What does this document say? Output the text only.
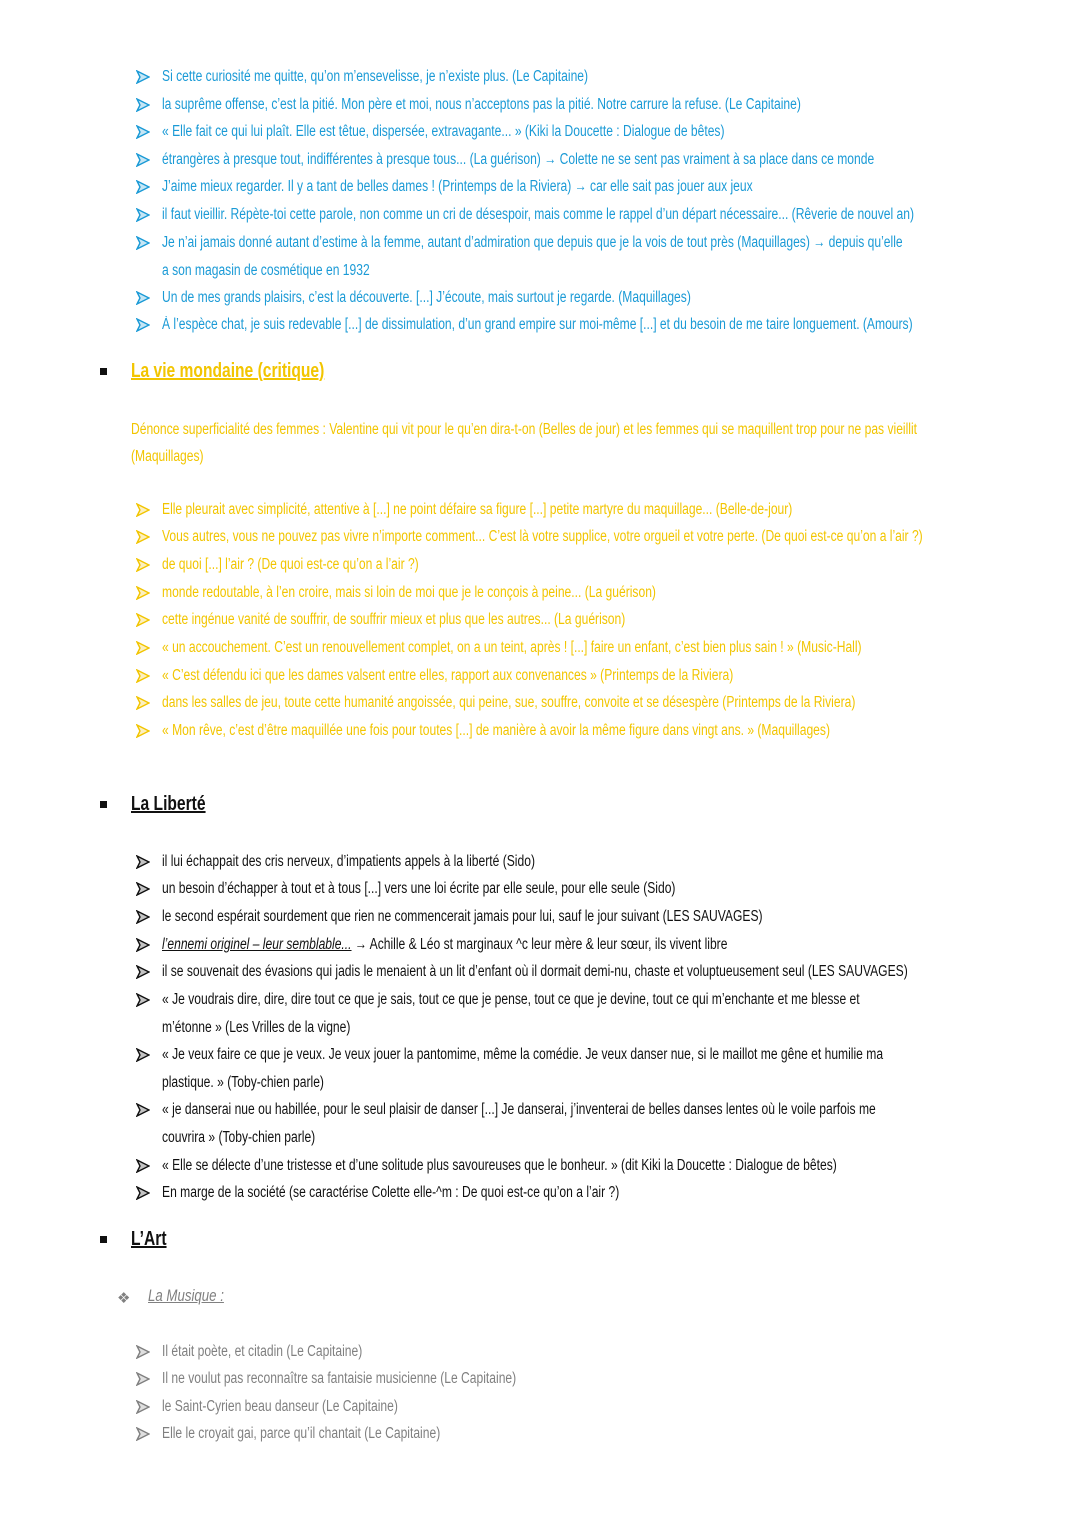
Si cette curiosité me quitte, qu’on m’ensevelisse, je n’existe plus. (Le Capitaine)
la suprême offense, c’est la pitié. Mon père et moi, nous n’acceptons pas la pitié. Notre carrure la refuse. (Le Capitaine)
« Elle fait ce qui lui plaît. Elle est têtue, dispersée, extravagante... » (Kiki la Doucette : Dialogue de bêtes)
étrangères à presque tout, indifférentes à presque tous... (La guérison) → Colette ne se sent pas vraiment à sa place dans ce monde
J’aime mieux regarder. Il y a tant de belles dames ! (Printemps de la Riviera) → car elle sait pas jouer aux jeux
il faut vieillir. Répète-toi cette parole, non comme un cri de désespoir, mais comme le rappel d’un départ nécessaire... (Rêverie de nouvel an)
Je n’ai jamais donné autant d’estime à la femme, autant d’admiration que depuis que je la vois de tout près (Maquillages) → depuis qu’elle
a son magasin de cosmétique en 1932
Un de mes grands plaisirs, c’est la découverte. [...] J’écoute, mais surtout je regarde. (Maquillages)
À l’espèce chat, je suis redevable [...] de dissimulation, d’un grand empire sur moi-même [...] et du besoin de me taire longuement. (Amours)
La vie mondaine (critique)
Dénonce superficialité des femmes : Valentine qui vit pour le qu’en dira-t-on (Belles de jour) et les femmes qui se maquillent trop pour ne pas vieillit
(Maquillages)
Elle pleurait avec simplicité, attentive à [...] ne point défaire sa figure [...] petite martyre du maquillage... (Belle-de-jour)
Vous autres, vous ne pouvez pas vivre n’importe comment... C’est là votre supplice, votre orgueil et votre perte. (De quoi est-ce qu’on a l’air ?)
de quoi [...] l’air ? (De quoi est-ce qu’on a l’air ?)
monde redoutable, à l’en croire, mais si loin de moi que je le conçois à peine... (La guérison)
cette ingénue vanité de souffrir, de souffrir mieux et plus que les autres... (La guérison)
« un accouchement. C’est un renouvellement complet, on a un teint, après ! [...] faire un enfant, c’est bien plus sain ! » (Music-Hall)
« C’est défendu ici que les dames valsent entre elles, rapport aux convenances » (Printemps de la Riviera)
dans les salles de jeu, toute cette humanité angoissée, qui peine, sue, souffre, convoite et se désespère (Printemps de la Riviera)
« Mon rêve, c’est d’être maquillée une fois pour toutes [...] de manière à avoir la même figure dans vingt ans. » (Maquillages)
La Liberté
il lui échappait des cris nerveux, d’impatients appels à la liberté (Sido)
un besoin d’échapper à tout et à tous [...] vers une loi écrite par elle seule, pour elle seule (Sido)
le second espérait sourdement que rien ne commencerait jamais pour lui, sauf le jour suivant (LES SAUVAGES)
l’ennemi originel – leur semblable... → Achille & Léo st marginaux ^c leur mère & leur sœur, ils vivent libre
il se souvenait des évasions qui jadis le menaient à un lit d’enfant où il dormait demi-nu, chaste et voluptueusement seul (LES SAUVAGES)
« Je voudrais dire, dire, dire tout ce que je sais, tout ce que je pense, tout ce que je devine, tout ce qui m’enchante et me blesse et
m’étonne » (Les Vrilles de la vigne)
« Je veux faire ce que je veux. Je veux jouer la pantomime, même la comédie. Je veux danser nue, si le maillot me gêne et humilie ma
plastique. » (Toby-chien parle)
« je danserai nue ou habillée, pour le seul plaisir de danser [...] Je danserai, j’inventerai de belles danses lentes où le voile parfois me
couvrira » (Toby-chien parle)
« Elle se délecte d’une tristesse et d’une solitude plus savoureuses que le bonheur. » (dit Kiki la Doucette : Dialogue de bêtes)
En marge de la société (se caractérise Colette elle-^m : De quoi est-ce qu’on a l’air ?)
L’Art
❖ La Musique :
Il était poète, et citadin (Le Capitaine)
Il ne voulut pas reconnaître sa fantaisie musicienne (Le Capitaine)
le Saint-Cyrien beau danseur (Le Capitaine)
Elle le croyait gai, parce qu’il chantait (Le Capitaine)
